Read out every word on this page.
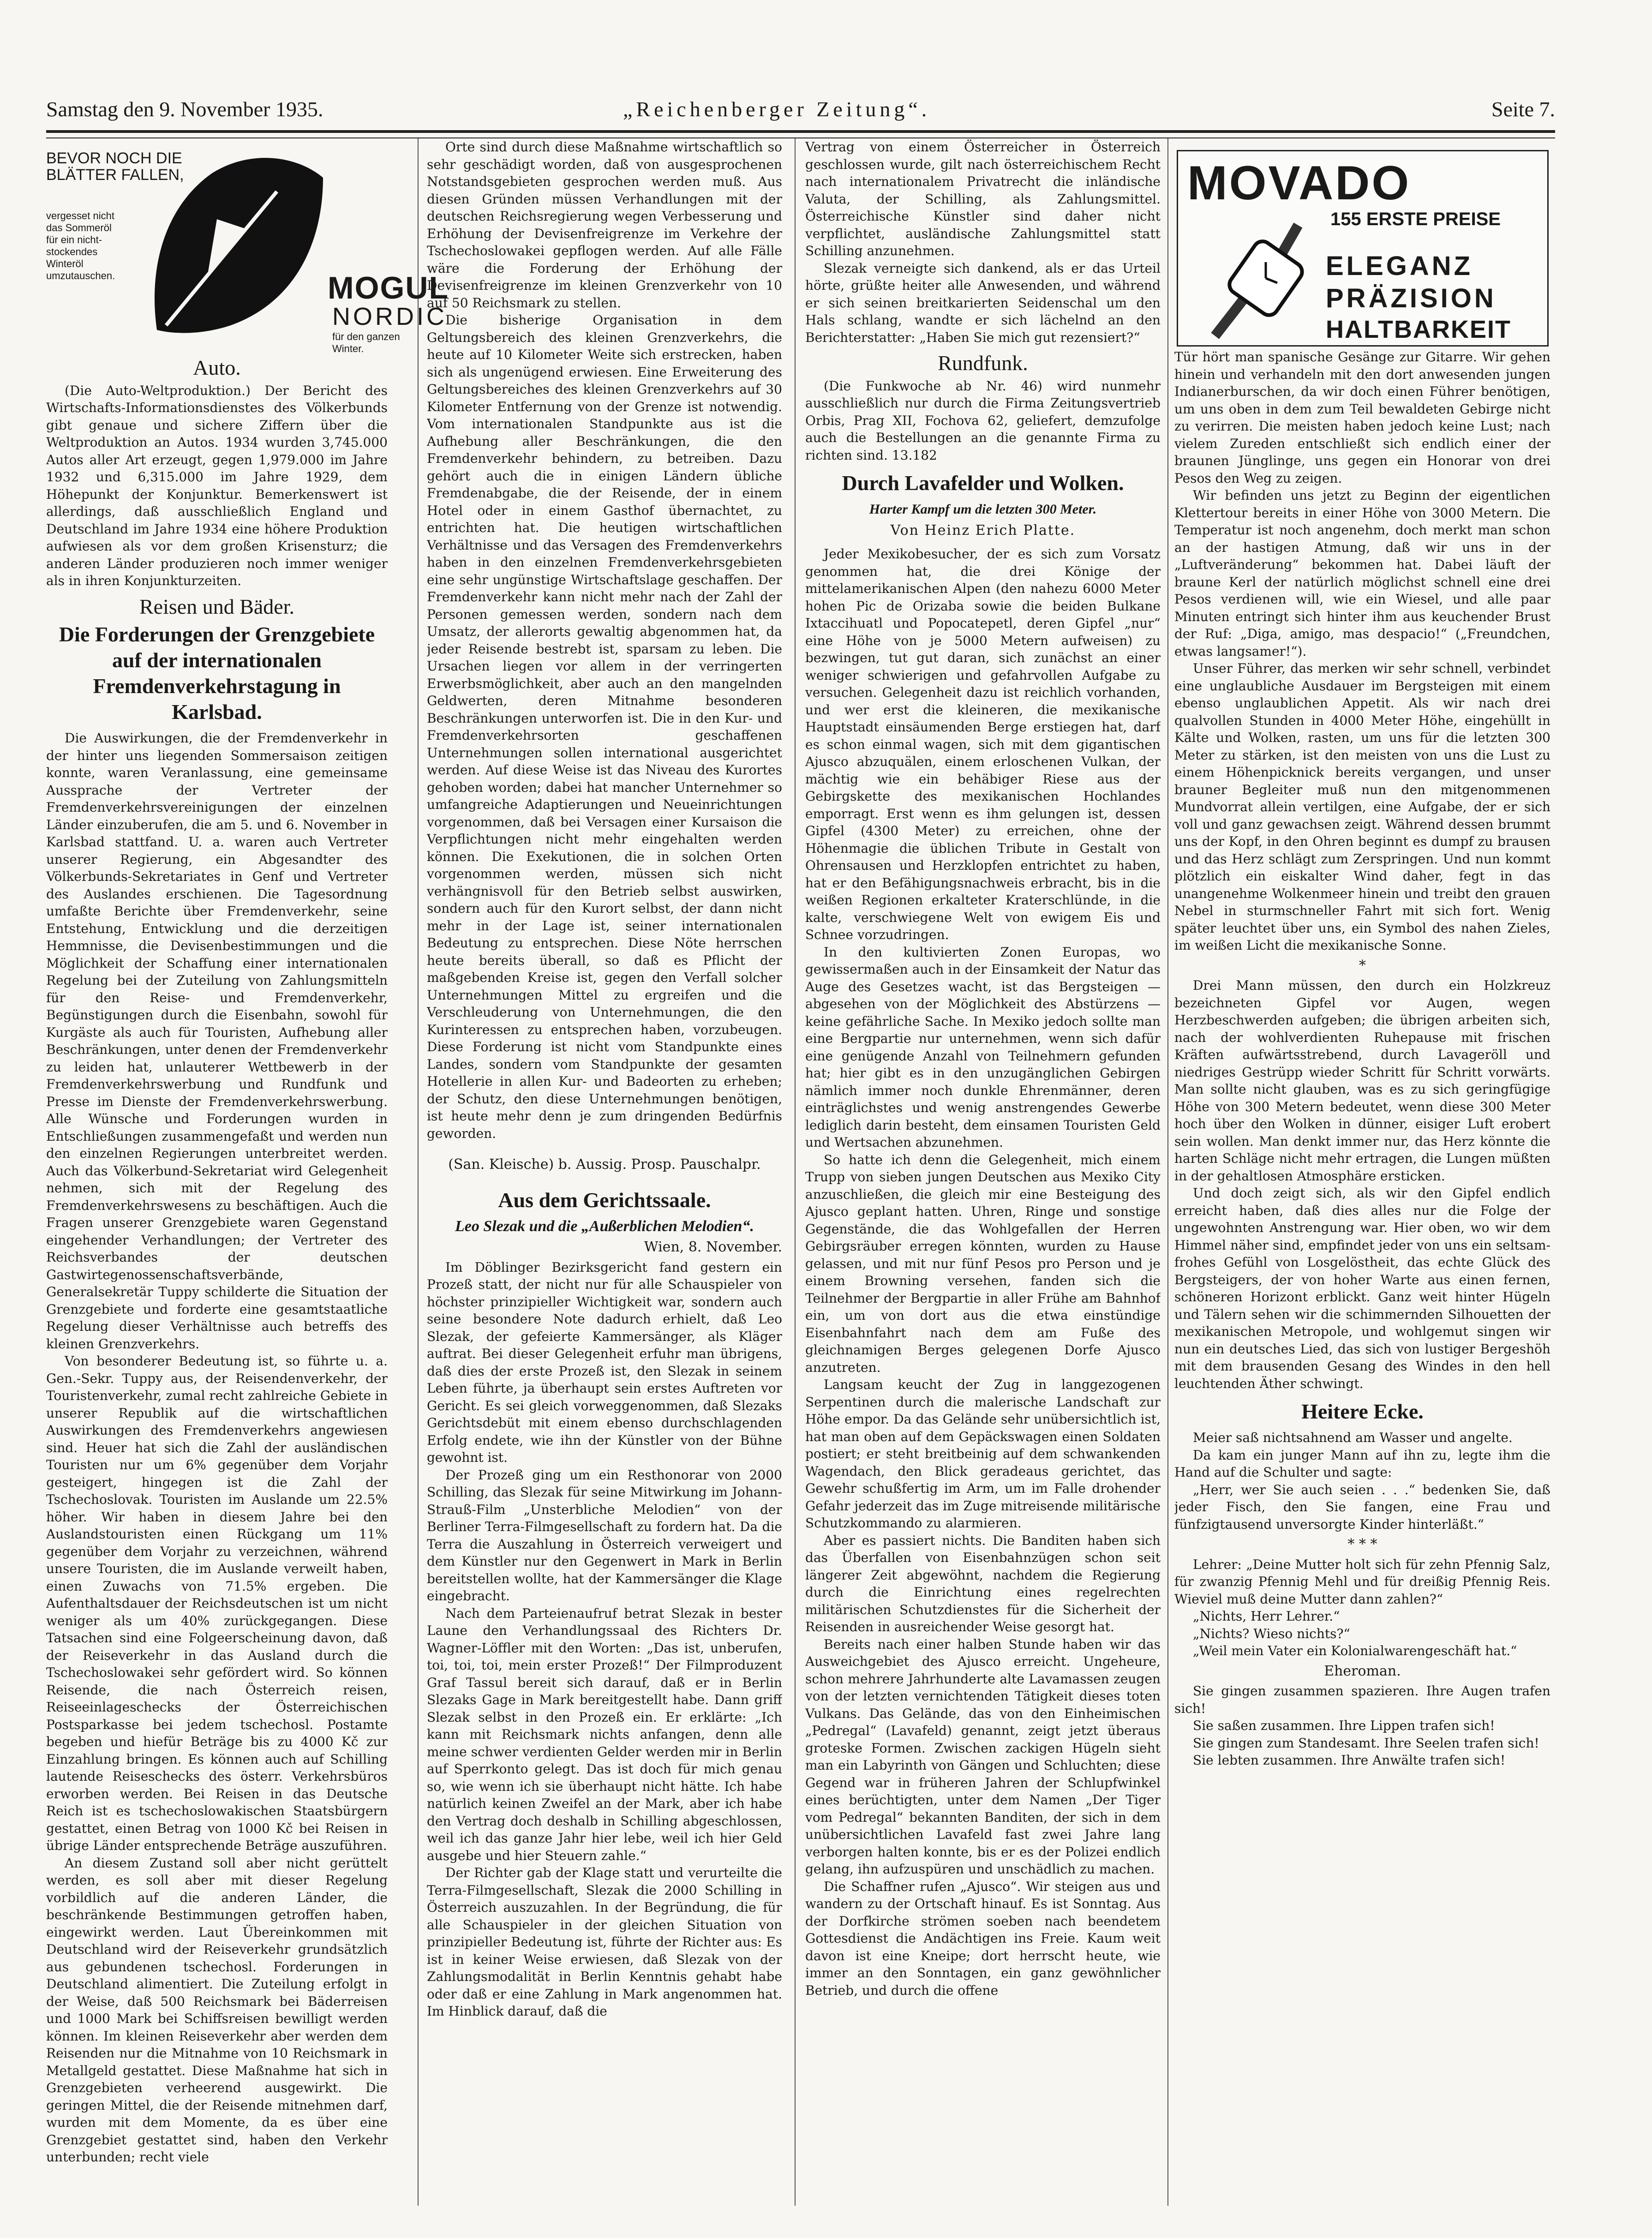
Samstag den 9. November 1935.	„Reichenberger Zeitung“.	Seite 7.
BEVOR NOCH DIE BLÄTTER FALLEN,
vergesset nicht das Sommeröl für ein nicht-stockendes Winteröl umzutauschen.	MOGUL
NORDIC
für den ganzen Winter.
MOVADO
155 ERSTE PREISE
ELEGANZ
PRÄZISION
HALTBARKEIT
Auto.

(Die Auto-Weltproduktion.) Der Bericht des Wirtschafts-Informationsdienstes des Völkerbunds gibt genaue und sichere Ziffern über die Weltproduktion an Autos. 1934 wurden 3,745.000 Autos aller Art erzeugt, gegen 1,979.000 im Jahre 1932 und 6,315.000 im Jahre 1929, dem Höhepunkt der Konjunktur. Bemerkenswert ist allerdings, daß ausschließlich England und Deutschland im Jahre 1934 eine höhere Produktion aufwiesen als vor dem großen Krisensturz; die anderen Länder produzieren noch immer weniger als in ihren Konjunkturzeiten.

Reisen und Bäder.
Die Forderungen der Grenzgebiete auf der internationalen Fremdenverkehrstagung in Karlsbad.

Die Auswirkungen, die der Fremdenverkehr in der hinter uns liegenden Sommersaison zeitigen konnte, waren Veranlassung, eine gemeinsame Aussprache der Vertreter der Fremdenverkehrsvereinigungen der einzelnen Länder einzuberufen, die am 5. und 6. November in Karlsbad stattfand. U. a. waren auch Vertreter unserer Regierung, ein Abgesandter des Völkerbunds-Sekretariates in Genf und Vertreter des Auslandes erschienen. Die Tagesordnung umfaßte Berichte über Fremdenverkehr, seine Entstehung, Entwicklung und die derzeitigen Hemmnisse, die Devisenbestimmungen und die Möglichkeit der Schaffung einer internationalen Regelung bei der Zuteilung von Zahlungsmitteln für den Reise- und Fremdenverkehr, Begünstigungen durch die Eisenbahn, sowohl für Kurgäste als auch für Touristen, Aufhebung aller Beschränkungen, unter denen der Fremdenverkehr zu leiden hat, unlauterer Wettbewerb in der Fremdenverkehrswerbung und Rundfunk und Presse im Dienste der Fremdenverkehrswerbung. Alle Wünsche und Forderungen wurden in Entschließungen zusammengefaßt und werden nun den einzelnen Regierungen unterbreitet werden. Auch das Völkerbund-Sekretariat wird Gelegenheit nehmen, sich mit der Regelung des Fremdenverkehrswesens zu beschäftigen. Auch die Fragen unserer Grenzgebiete waren Gegenstand eingehender Verhandlungen; der Vertreter des Reichsverbandes der deutschen Gastwirtegenossenschaftsverbände, Generalsekretär Tuppy schilderte die Situation der Grenzgebiete und forderte eine gesamtstaatliche Regelung dieser Verhältnisse auch betreffs des kleinen Grenzverkehrs.

Von besonderer Bedeutung ist, so führte u. a. Gen.-Sekr. Tuppy aus, der Reisendenverkehr, der Touristenverkehr, zumal recht zahlreiche Gebiete in unserer Republik auf die wirtschaftlichen Auswirkungen des Fremdenverkehrs angewiesen sind. Heuer hat sich die Zahl der ausländischen Touristen nur um 6% gegenüber dem Vorjahr gesteigert, hingegen ist die Zahl der Tschechoslovak. Touristen im Auslande um 22.5% höher. Wir haben in diesem Jahre bei den Auslandstouristen einen Rückgang um 11% gegenüber dem Vorjahr zu verzeichnen, während unsere Touristen, die im Auslande verweilt haben, einen Zuwachs von 71.5% ergeben. Die Aufenthaltsdauer der Reichsdeutschen ist um nicht weniger als um 40% zurückgegangen. Diese Tatsachen sind eine Folgeerscheinung davon, daß der Reiseverkehr in das Ausland durch die Tschechoslowakei sehr gefördert wird. So können Reisende, die nach Österreich reisen, Reiseeinlageschecks der Österreichischen Postsparkasse bei jedem tschechosl. Postamte begeben und hiefür Beträge bis zu 4000 Kč zur Einzahlung bringen. Es können auch auf Schilling lautende Reiseschecks des österr. Verkehrsbüros erworben werden. Bei Reisen in das Deutsche Reich ist es tschechoslowakischen Staatsbürgern gestattet, einen Betrag von 1000 Kč bei Reisen in übrige Länder entsprechende Beträge auszuführen.

An diesem Zustand soll aber nicht gerüttelt werden, es soll aber mit dieser Regelung vorbildlich auf die anderen Länder, die beschränkende Bestimmungen getroffen haben, eingewirkt werden. Laut Übereinkommen mit Deutschland wird der Reiseverkehr grundsätzlich aus gebundenen tschechosl. Forderungen in Deutschland alimentiert. Die Zuteilung erfolgt in der Weise, daß 500 Reichsmark bei Bäderreisen und 1000 Mark bei Schiffsreisen bewilligt werden können. Im kleinen Reiseverkehr aber werden dem Reisenden nur die Mitnahme von 10 Reichsmark in Metallgeld gestattet. Diese Maßnahme hat sich in Grenzgebieten verheerend ausgewirkt. Die geringen Mittel, die der Reisende mitnehmen darf, wurden mit dem Momente, da es über eine Grenzgebiet gestattet sind, haben den Verkehr unterbunden; recht viele

Orte sind durch diese Maßnahme wirtschaftlich so sehr geschädigt worden, daß von ausgesprochenen Notstandsgebieten gesprochen werden muß. Aus diesen Gründen müssen Verhandlungen mit der deutschen Reichsregierung wegen Verbesserung und Erhöhung der Devisenfreigrenze im Verkehre der Tschechoslowakei gepflogen werden. Auf alle Fälle wäre die Forderung der Erhöhung der Devisenfreigrenze im kleinen Grenzverkehr von 10 auf 50 Reichsmark zu stellen.

Die bisherige Organisation in dem Geltungsbereich des kleinen Grenzverkehrs, die heute auf 10 Kilometer Weite sich erstrecken, haben sich als ungenügend erwiesen. Eine Erweiterung des Geltungsbereiches des kleinen Grenzverkehrs auf 30 Kilometer Entfernung von der Grenze ist notwendig. Vom internationalen Standpunkte aus ist die Aufhebung aller Beschränkungen, die den Fremdenverkehr behindern, zu betreiben. Dazu gehört auch die in einigen Ländern übliche Fremdenabgabe, die der Reisende, der in einem Hotel oder in einem Gasthof übernachtet, zu entrichten hat. Die heutigen wirtschaftlichen Verhältnisse und das Versagen des Fremdenverkehrs haben in den einzelnen Fremdenverkehrsgebieten eine sehr ungünstige Wirtschaftslage geschaffen. Der Fremdenverkehr kann nicht mehr nach der Zahl der Personen gemessen werden, sondern nach dem Umsatz, der allerorts gewaltig abgenommen hat, da jeder Reisende bestrebt ist, sparsam zu leben. Die Ursachen liegen vor allem in der verringerten Erwerbsmöglichkeit, aber auch an den mangelnden Geldwerten, deren Mitnahme besonderen Beschränkungen unterworfen ist. Die in den Kur- und Fremdenverkehrsorten geschaffenen Unternehmungen sollen international ausgerichtet werden. Auf diese Weise ist das Niveau des Kurortes gehoben worden; dabei hat mancher Unternehmer so umfangreiche Adaptierungen und Neueinrichtungen vorgenommen, daß bei Versagen einer Kursaison die Verpflichtungen nicht mehr eingehalten werden können. Die Exekutionen, die in solchen Orten vorgenommen werden, müssen sich nicht verhängnisvoll für den Betrieb selbst auswirken, sondern auch für den Kurort selbst, der dann nicht mehr in der Lage ist, seiner internationalen Bedeutung zu entsprechen. Diese Nöte herrschen heute bereits überall, so daß es Pflicht der maßgebenden Kreise ist, gegen den Verfall solcher Unternehmungen Mittel zu ergreifen und die Verschleuderung von Unternehmungen, die den Kurinteressen zu entsprechen haben, vorzubeugen. Diese Forderung ist nicht vom Standpunkte eines Landes, sondern vom Standpunkte der gesamten Hotellerie in allen Kur- und Badeorten zu erheben; der Schutz, den diese Unternehmungen benötigen, ist heute mehr denn je zum dringenden Bedürfnis geworden.

(San. Kleische) b. Aussig. Prosp. Pauschalpr.
Aus dem Gerichtssaale.
Leo Slezak und die „Außerblichen Melodien“.
Wien, 8. November.

Im Döblinger Bezirksgericht fand gestern ein Prozeß statt, der nicht nur für alle Schauspieler von höchster prinzipieller Wichtigkeit war, sondern auch seine besondere Note dadurch erhielt, daß Leo Slezak, der gefeierte Kammersänger, als Kläger auftrat. Bei dieser Gelegenheit erfuhr man übrigens, daß dies der erste Prozeß ist, den Slezak in seinem Leben führte, ja überhaupt sein erstes Auftreten vor Gericht. Es sei gleich vorweggenommen, daß Slezaks Gerichtsdebüt mit einem ebenso durchschlagenden Erfolg endete, wie ihn der Künstler von der Bühne gewohnt ist.

Der Prozeß ging um ein Resthonorar von 2000 Schilling, das Slezak für seine Mitwirkung im Johann-Strauß-Film „Unsterbliche Melodien“ von der Berliner Terra-Filmgesellschaft zu fordern hat. Da die Terra die Auszahlung in Österreich verweigert und dem Künstler nur den Gegenwert in Mark in Berlin bereitstellen wollte, hat der Kammersänger die Klage eingebracht.

Nach dem Parteienaufruf betrat Slezak in bester Laune den Verhandlungssaal des Richters Dr. Wagner-Löffler mit den Worten: „Das ist, unberufen, toi, toi, toi, mein erster Prozeß!“ Der Filmproduzent Graf Tassul bereit sich darauf, daß er in Berlin Slezaks Gage in Mark bereitgestellt habe. Dann griff Slezak selbst in den Prozeß ein. Er erklärte: „Ich kann mit Reichsmark nichts anfangen, denn alle meine schwer verdienten Gelder werden mir in Berlin auf Sperrkonto gelegt. Das ist doch für mich genau so, wie wenn ich sie überhaupt nicht hätte. Ich habe natürlich keinen Zweifel an der Mark, aber ich habe den Vertrag doch deshalb in Schilling abgeschlossen, weil ich das ganze Jahr hier lebe, weil ich hier Geld ausgebe und hier Steuern zahle.“

Der Richter gab der Klage statt und verurteilte die Terra-Filmgesellschaft, Slezak die 2000 Schilling in Österreich auszuzahlen. In der Begründung, die für alle Schauspieler in der gleichen Situation von prinzipieller Bedeutung ist, führte der Richter aus: Es ist in keiner Weise erwiesen, daß Slezak von der Zahlungsmodalität in Berlin Kenntnis gehabt habe oder daß er eine Zahlung in Mark angenommen hat. Im Hinblick darauf, daß die

Vertrag von einem Österreicher in Österreich geschlossen wurde, gilt nach österreichischem Recht nach internationalem Privatrecht die inländische Valuta, der Schilling, als Zahlungsmittel. Österreichische Künstler sind daher nicht verpflichtet, ausländische Zahlungsmittel statt Schilling anzunehmen.

Slezak verneigte sich dankend, als er das Urteil hörte, grüßte heiter alle Anwesenden, und während er sich seinen breitkarierten Seidenschal um den Hals schlang, wandte er sich lächelnd an den Berichterstatter: „Haben Sie mich gut rezensiert?“

Rundfunk.

(Die Funkwoche ab Nr. 46) wird nunmehr ausschließlich nur durch die Firma Zeitungsvertrieb Orbis, Prag XII, Fochova 62, geliefert, demzufolge auch die Bestellungen an die genannte Firma zu richten sind. 13.182

Durch Lavafelder und Wolken.
Harter Kampf um die letzten 300 Meter.
Von Heinz Erich Platte.

Jeder Mexikobesucher, der es sich zum Vorsatz genommen hat, die drei Könige der mittelamerikanischen Alpen (den nahezu 6000 Meter hohen Pic de Orizaba sowie die beiden Bulkane Ixtaccihuatl und Popocatepetl, deren Gipfel „nur“ eine Höhe von je 5000 Metern aufweisen) zu bezwingen, tut gut daran, sich zunächst an einer weniger schwierigen und gefahrvollen Aufgabe zu versuchen. Gelegenheit dazu ist reichlich vorhanden, und wer erst die kleineren, die mexikanische Hauptstadt einsäumenden Berge erstiegen hat, darf es schon einmal wagen, sich mit dem gigantischen Ajusco abzuquälen, einem erloschenen Vulkan, der mächtig wie ein behäbiger Riese aus der Gebirgskette des mexikanischen Hochlandes emporragt. Erst wenn es ihm gelungen ist, dessen Gipfel (4300 Meter) zu erreichen, ohne der Höhenmagie die üblichen Tribute in Gestalt von Ohrensausen und Herzklopfen entrichtet zu haben, hat er den Befähigungsnachweis erbracht, bis in die weißen Regionen erkalteter Kraterschlünde, in die kalte, verschwiegene Welt von ewigem Eis und Schnee vorzudringen.

In den kultivierten Zonen Europas, wo gewissermaßen auch in der Einsamkeit der Natur das Auge des Gesetzes wacht, ist das Bergsteigen — abgesehen von der Möglichkeit des Abstürzens — keine gefährliche Sache. In Mexiko jedoch sollte man eine Bergpartie nur unternehmen, wenn sich dafür eine genügende Anzahl von Teilnehmern gefunden hat; hier gibt es in den unzugänglichen Gebirgen nämlich immer noch dunkle Ehrenmänner, deren einträglichstes und wenig anstrengendes Gewerbe lediglich darin besteht, dem einsamen Touristen Geld und Wertsachen abzunehmen.

So hatte ich denn die Gelegenheit, mich einem Trupp von sieben jungen Deutschen aus Mexiko City anzuschließen, die gleich mir eine Besteigung des Ajusco geplant hatten. Uhren, Ringe und sonstige Gegenstände, die das Wohlgefallen der Herren Gebirgsräuber erregen könnten, wurden zu Hause gelassen, und mit nur fünf Pesos pro Person und je einem Browning versehen, fanden sich die Teilnehmer der Bergpartie in aller Frühe am Bahnhof ein, um von dort aus die etwa einstündige Eisenbahnfahrt nach dem am Fuße des gleichnamigen Berges gelegenen Dorfe Ajusco anzutreten.

Langsam keucht der Zug in langgezogenen Serpentinen durch die malerische Landschaft zur Höhe empor. Da das Gelände sehr unübersichtlich ist, hat man oben auf dem Gepäckswagen einen Soldaten postiert; er steht breitbeinig auf dem schwankenden Wagendach, den Blick geradeaus gerichtet, das Gewehr schußfertig im Arm, um im Falle drohender Gefahr jederzeit das im Zuge mitreisende militärische Schutzkommando zu alarmieren.

Aber es passiert nichts. Die Banditen haben sich das Überfallen von Eisenbahnzügen schon seit längerer Zeit abgewöhnt, nachdem die Regierung durch die Einrichtung eines regelrechten militärischen Schutzdienstes für die Sicherheit der Reisenden in ausreichender Weise gesorgt hat.

Bereits nach einer halben Stunde haben wir das Ausweichgebiet des Ajusco erreicht. Ungeheure, schon mehrere Jahrhunderte alte Lavamassen zeugen von der letzten vernichtenden Tätigkeit dieses toten Vulkans. Das Gelände, das von den Einheimischen „Pedregal“ (Lavafeld) genannt, zeigt jetzt überaus groteske Formen. Zwischen zackigen Hügeln sieht man ein Labyrinth von Gängen und Schluchten; diese Gegend war in früheren Jahren der Schlupfwinkel eines berüchtigten, unter dem Namen „Der Tiger vom Pedregal“ bekannten Banditen, der sich in dem unübersichtlichen Lavafeld fast zwei Jahre lang verborgen halten konnte, bis er es der Polizei endlich gelang, ihn aufzuspüren und unschädlich zu machen.

Die Schaffner rufen „Ajusco“. Wir steigen aus und wandern zu der Ortschaft hinauf. Es ist Sonntag. Aus der Dorfkirche strömen soeben nach beendetem Gottesdienst die Andächtigen ins Freie. Kaum weit davon ist eine Kneipe; dort herrscht heute, wie immer an den Sonntagen, ein ganz gewöhnlicher Betrieb, und durch die offene

Tür hört man spanische Gesänge zur Gitarre. Wir gehen hinein und verhandeln mit den dort anwesenden jungen Indianerburschen, da wir doch einen Führer benötigen, um uns oben in dem zum Teil bewaldeten Gebirge nicht zu verirren. Die meisten haben jedoch keine Lust; nach vielem Zureden entschließt sich endlich einer der braunen Jünglinge, uns gegen ein Honorar von drei Pesos den Weg zu zeigen.

Wir befinden uns jetzt zu Beginn der eigentlichen Klettertour bereits in einer Höhe von 3000 Metern. Die Temperatur ist noch angenehm, doch merkt man schon an der hastigen Atmung, daß wir uns in der „Luftveränderung“ bekommen hat. Dabei läuft der braune Kerl der natürlich möglichst schnell eine drei Pesos verdienen will, wie ein Wiesel, und alle paar Minuten entringt sich hinter ihm aus keuchender Brust der Ruf: „Diga, amigo, mas despacio!“ („Freundchen, etwas langsamer!“).

Unser Führer, das merken wir sehr schnell, verbindet eine unglaubliche Ausdauer im Bergsteigen mit einem ebenso unglaublichen Appetit. Als wir nach drei qualvollen Stunden in 4000 Meter Höhe, eingehüllt in Kälte und Wolken, rasten, um uns für die letzten 300 Meter zu stärken, ist den meisten von uns die Lust zu einem Höhenpicknick bereits vergangen, und unser brauner Begleiter muß nun den mitgenommenen Mundvorrat allein vertilgen, eine Aufgabe, der er sich voll und ganz gewachsen zeigt. Während dessen brummt uns der Kopf, in den Ohren beginnt es dumpf zu brausen und das Herz schlägt zum Zerspringen. Und nun kommt plötzlich ein eiskalter Wind daher, fegt in das unangenehme Wolkenmeer hinein und treibt den grauen Nebel in sturmschneller Fahrt mit sich fort. Wenig später leuchtet über uns, ein Symbol des nahen Zieles, im weißen Licht die mexikanische Sonne.

*

Drei Mann müssen, den durch ein Holzkreuz bezeichneten Gipfel vor Augen, wegen Herzbeschwerden aufgeben; die übrigen arbeiten sich, nach der wohlverdienten Ruhepause mit frischen Kräften aufwärtsstrebend, durch Lavageröll und niedriges Gestrüpp wieder Schritt für Schritt vorwärts. Man sollte nicht glauben, was es zu sich geringfügige Höhe von 300 Metern bedeutet, wenn diese 300 Meter hoch über den Wolken in dünner, eisiger Luft erobert sein wollen. Man denkt immer nur, das Herz könnte die harten Schläge nicht mehr ertragen, die Lungen müßten in der gehaltlosen Atmosphäre ersticken.

Und doch zeigt sich, als wir den Gipfel endlich erreicht haben, daß dies alles nur die Folge der ungewohnten Anstrengung war. Hier oben, wo wir dem Himmel näher sind, empfindet jeder von uns ein seltsam-frohes Gefühl von Losgelöstheit, das echte Glück des Bergsteigers, der von hoher Warte aus einen fernen, schöneren Horizont erblickt. Ganz weit hinter Hügeln und Tälern sehen wir die schimmernden Silhouetten der mexikanischen Metropole, und wohlgemut singen wir nun ein deutsches Lied, das sich von lustiger Bergeshöh mit dem brausenden Gesang des Windes in den hell leuchtenden Äther schwingt.

Heitere Ecke.

Meier saß nichtsahnend am Wasser und angelte.

Da kam ein junger Mann auf ihn zu, legte ihm die Hand auf die Schulter und sagte:

„Herr, wer Sie auch seien . . .“ bedenken Sie, daß jeder Fisch, den Sie fangen, eine Frau und fünfzigtausend unversorgte Kinder hinterläßt.“

* * *

Lehrer: „Deine Mutter holt sich für zehn Pfennig Salz, für zwanzig Pfennig Mehl und für dreißig Pfennig Reis. Wieviel muß deine Mutter dann zahlen?“

„Nichts, Herr Lehrer.“

„Nichts? Wieso nichts?“

„Weil mein Vater ein Kolonialwarengeschäft hat.“

Eheroman.

Sie gingen zusammen spazieren. Ihre Augen trafen sich!

Sie saßen zusammen. Ihre Lippen trafen sich!

Sie gingen zum Standesamt. Ihre Seelen trafen sich!

Sie lebten zusammen. Ihre Anwälte trafen sich!
